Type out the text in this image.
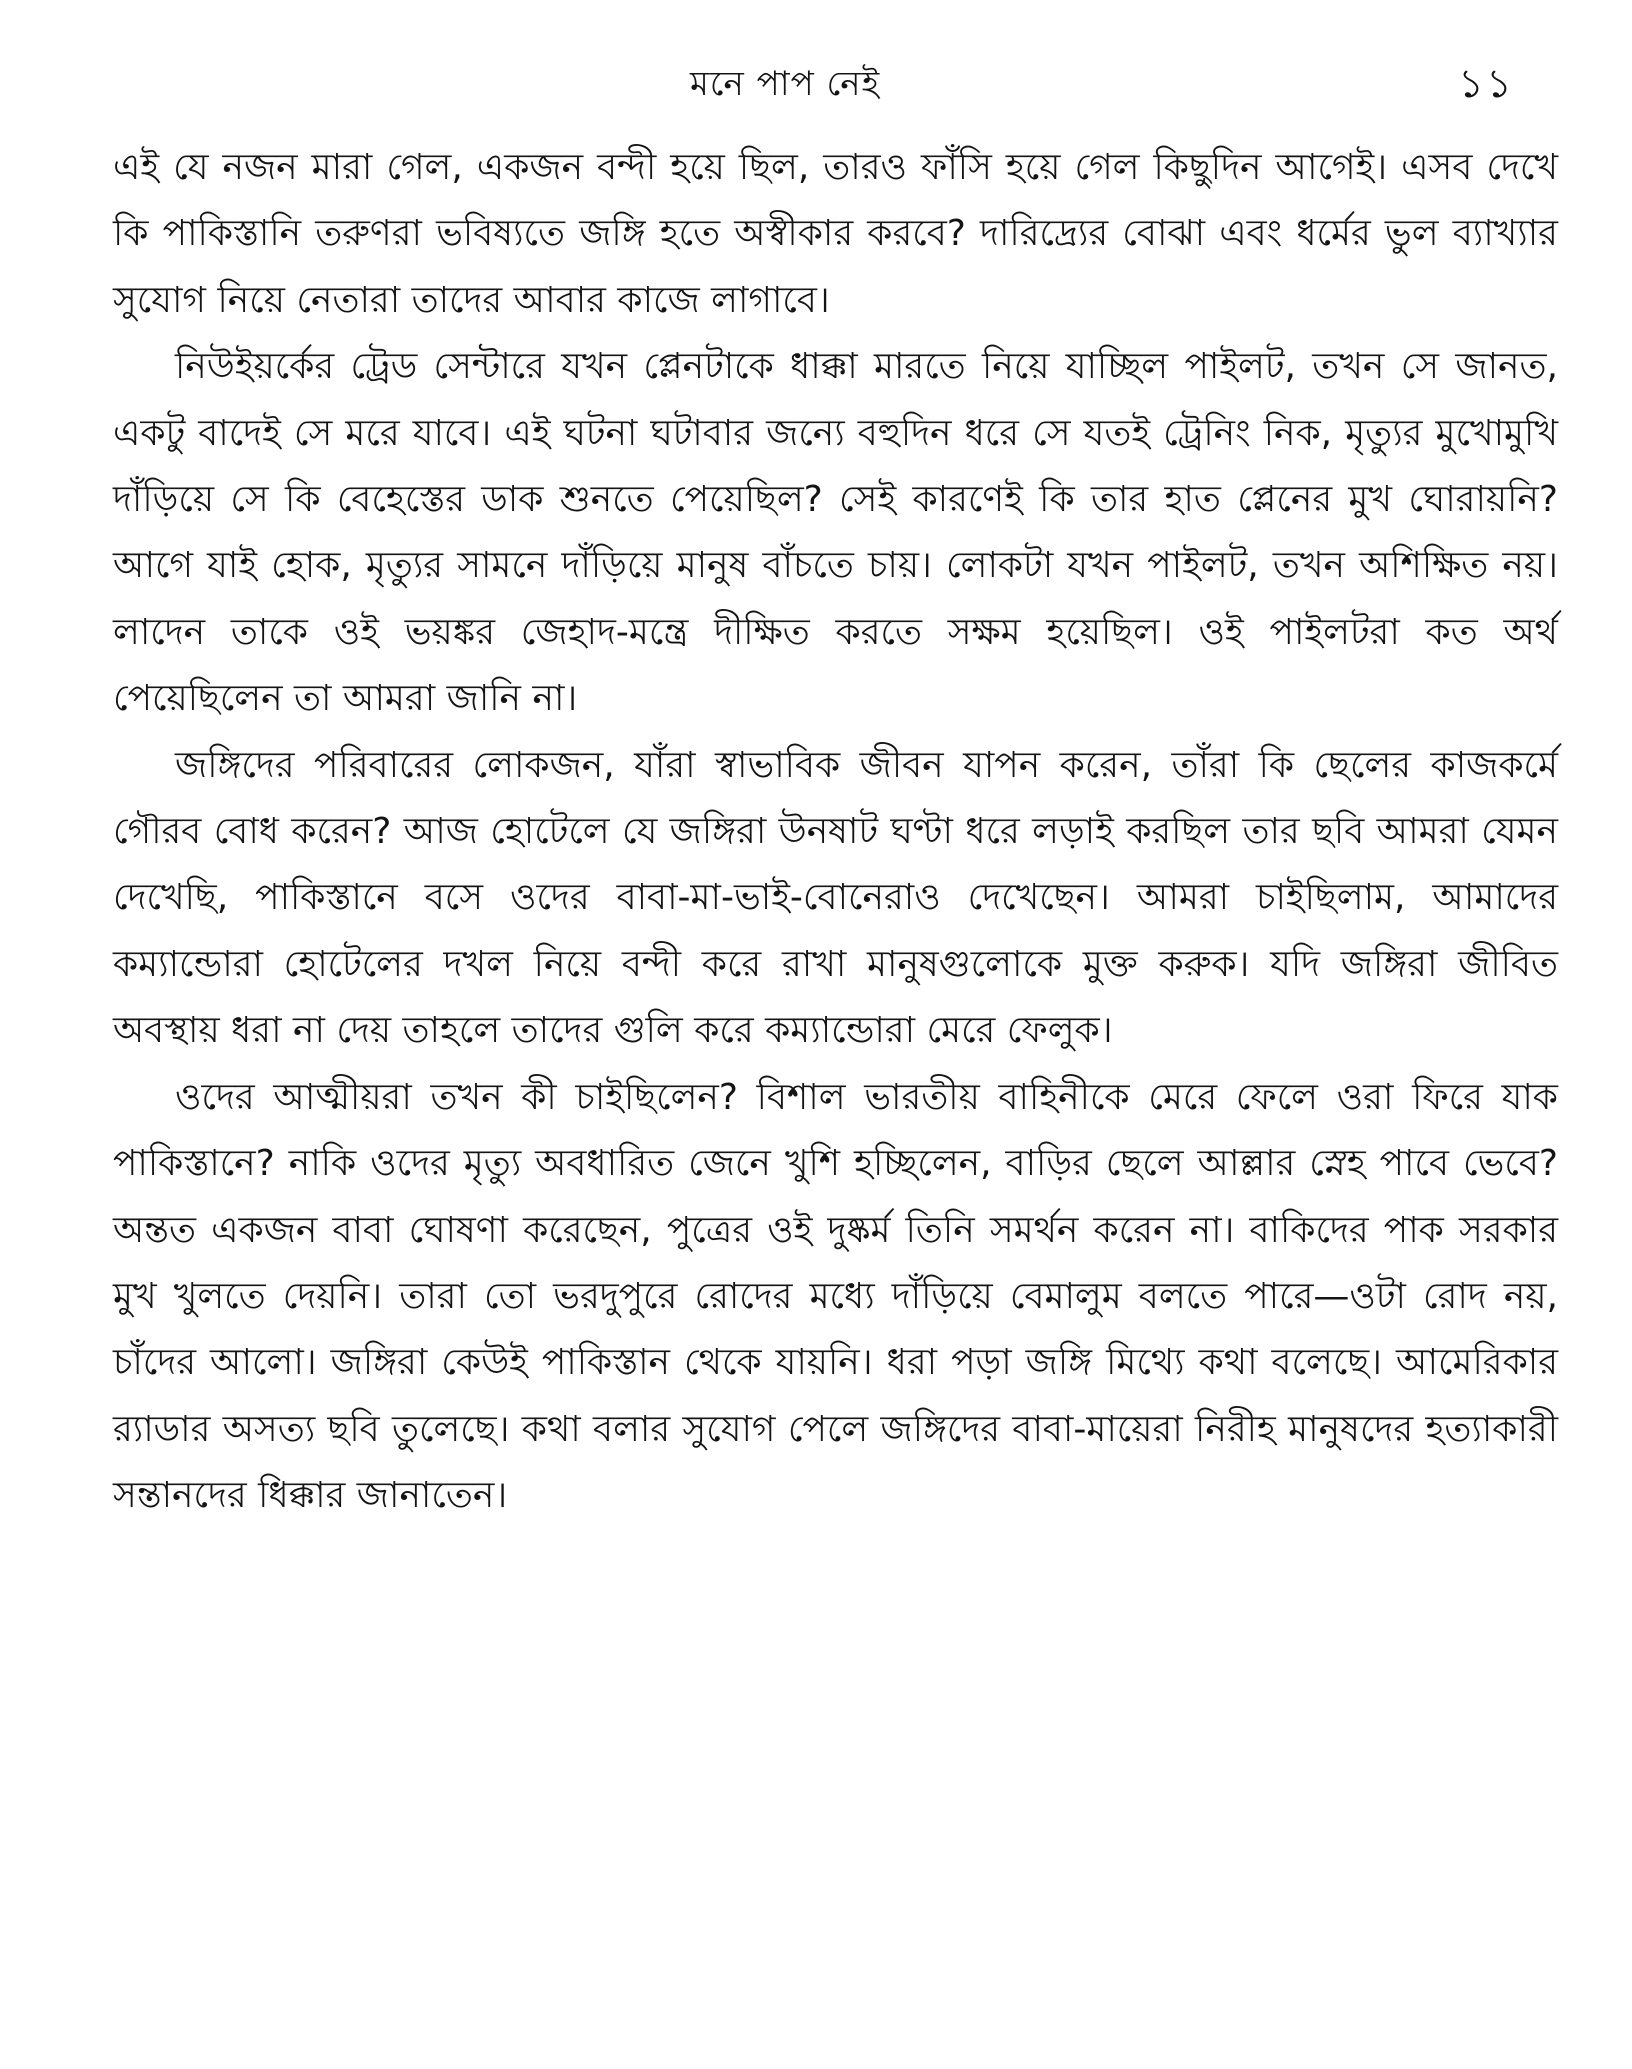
মনে পাপ নেই	১১

এই যে নজন মারা গেল, একজন বন্দী হয়ে ছিল, তারও ফাঁসি হয়ে গেল কিছুদিন আগেই। এসব দেখে কি পাকিস্তানি তরুণরা ভবিষ্যতে জঙ্গি হতে অস্বীকার করবে? দারিদ্র্যের বোঝা এবং ধর্মের ভুল ব্যাখ্যার সুযোগ নিয়ে নেতারা তাদের আবার কাজে লাগাবে।

নিউইয়র্কের ট্রেড সেন্টারে যখন প্লেনটাকে ধাক্কা মারতে নিয়ে যাচ্ছিল পাইলট, তখন সে জানত, একটু বাদেই সে মরে যাবে। এই ঘটনা ঘটাবার জন্যে বহুদিন ধরে সে যতই ট্রেনিং নিক, মৃত্যুর মুখোমুখি দাঁড়িয়ে সে কি বেহেস্তের ডাক শুনতে পেয়েছিল? সেই কারণেই কি তার হাত প্লেনের মুখ ঘোরায়নি? আগে যাই হোক, মৃত্যুর সামনে দাঁড়িয়ে মানুষ বাঁচতে চায়। লোকটা যখন পাইলট, তখন অশিক্ষিত নয়। লাদেন তাকে ওই ভয়ঙ্কর জেহাদ-মন্ত্রে দীক্ষিত করতে সক্ষম হয়েছিল। ওই পাইলটরা কত অর্থ পেয়েছিলেন তা আমরা জানি না।

জঙ্গিদের পরিবারের লোকজন, যাঁরা স্বাভাবিক জীবন যাপন করেন, তাঁরা কি ছেলের কাজকর্মে গৌরব বোধ করেন? আজ হোটেলে যে জঙ্গিরা উনষাট ঘণ্টা ধরে লড়াই করছিল তার ছবি আমরা যেমন দেখেছি, পাকিস্তানে বসে ওদের বাবা-মা-ভাই-বোনেরাও দেখেছেন। আমরা চাইছিলাম, আমাদের কম্যান্ডোরা হোটেলের দখল নিয়ে বন্দী করে রাখা মানুষগুলোকে মুক্ত করুক। যদি জঙ্গিরা জীবিত অবস্থায় ধরা না দেয় তাহলে তাদের গুলি করে কম্যান্ডোরা মেরে ফেলুক।

ওদের আত্মীয়রা তখন কী চাইছিলেন? বিশাল ভারতীয় বাহিনীকে মেরে ফেলে ওরা ফিরে যাক পাকিস্তানে? নাকি ওদের মৃত্যু অবধারিত জেনে খুশি হচ্ছিলেন, বাড়ির ছেলে আল্লার স্নেহ পাবে ভেবে? অন্তত একজন বাবা ঘোষণা করেছেন, পুত্রের ওই দুষ্কর্ম তিনি সমর্থন করেন না। বাকিদের পাক সরকার মুখ খুলতে দেয়নি। তারা তো ভরদুপুরে রোদের মধ্যে দাঁড়িয়ে বেমালুম বলতে পারে—ওটা রোদ নয়, চাঁদের আলো। জঙ্গিরা কেউই পাকিস্তান থেকে যায়নি। ধরা পড়া জঙ্গি মিথ্যে কথা বলেছে। আমেরিকার র‍্যাডার অসত্য ছবি তুলেছে। কথা বলার সুযোগ পেলে জঙ্গিদের বাবা-মায়েরা নিরীহ মানুষদের হত্যাকারী সন্তানদের ধিক্কার জানাতেন।
